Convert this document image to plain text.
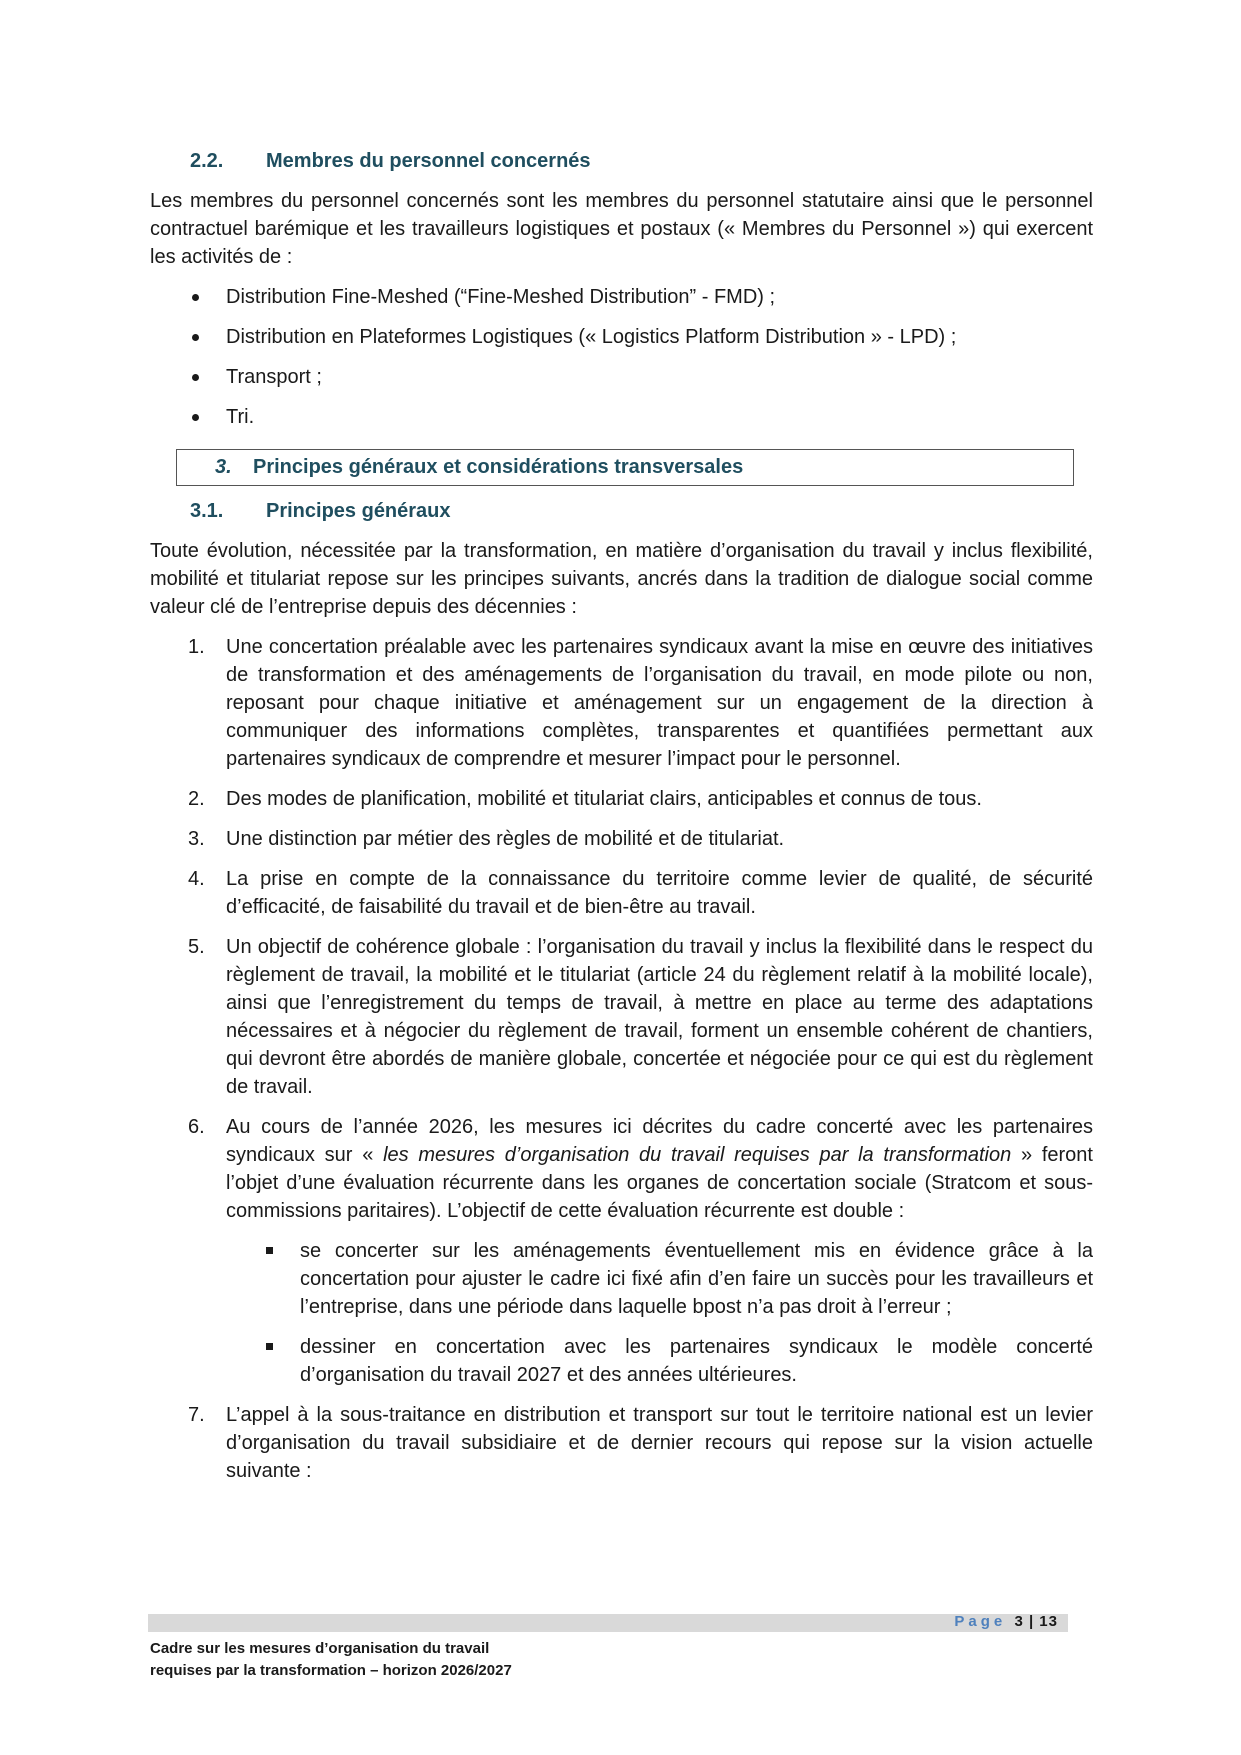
2.2.	Membres du personnel concernés

Les membres du personnel concernés sont les membres du personnel statutaire ainsi que le personnel contractuel barémique et les travailleurs logistiques et postaux (« Membres du Personnel ») qui exercent les activités de :

Distribution Fine-Meshed (“Fine-Meshed Distribution” - FMD) ;
Distribution en Plateformes Logistiques (« Logistics Platform Distribution » - LPD) ;
Transport ;
Tri.
3.	Principes généraux et considérations transversales
3.1.	Principes généraux

Toute évolution, nécessitée par la transformation, en matière d’organisation du travail y inclus flexibilité, mobilité et titulariat repose sur les principes suivants, ancrés dans la tradition de dialogue social comme valeur clé de l’entreprise depuis des décennies :

1. Une concertation préalable avec les partenaires syndicaux avant la mise en œuvre des initiatives de transformation et des aménagements de l’organisation du travail, en mode pilote ou non, reposant pour chaque initiative et aménagement sur un engagement de la direction à communiquer des informations complètes, transparentes et quantifiées permettant aux partenaires syndicaux de comprendre et mesurer l’impact pour le personnel.
2. Des modes de planification, mobilité et titulariat clairs, anticipables et connus de tous.
3. Une distinction par métier des règles de mobilité et de titulariat.
4. La prise en compte de la connaissance du territoire comme levier de qualité, de sécurité d’efficacité, de faisabilité du travail et de bien-être au travail.
5. Un objectif de cohérence globale : l’organisation du travail y inclus la flexibilité dans le respect du règlement de travail, la mobilité et le titulariat (article 24 du règlement relatif à la mobilité locale), ainsi que l’enregistrement du temps de travail, à mettre en place au terme des adaptations nécessaires et à négocier du règlement de travail, forment un ensemble cohérent de chantiers, qui devront être abordés de manière globale, concertée et négociée pour ce qui est du règlement de travail.
6. Au cours de l’année 2026, les mesures ici décrites du cadre concerté avec les partenaires syndicaux sur « les mesures d’organisation du travail requises par la transformation » feront l’objet d’une évaluation récurrente dans les organes de concertation sociale (Stratcom et sous-commissions paritaires). L’objectif de cette évaluation récurrente est double :
se concerter sur les aménagements éventuellement mis en évidence grâce à la concertation pour ajuster le cadre ici fixé afin d’en faire un succès pour les travailleurs et l’entreprise, dans une période dans laquelle bpost n’a pas droit à l’erreur ;
dessiner en concertation avec les partenaires syndicaux le modèle concerté d’organisation du travail 2027 et des années ultérieures.
7. L’appel à la sous-traitance en distribution et transport sur tout le territoire national est un levier d’organisation du travail subsidiaire et de dernier recours qui repose sur la vision actuelle suivante :
Page 3 | 13
Cadre sur les mesures d’organisation du travail
requises par la transformation – horizon 2026/2027
